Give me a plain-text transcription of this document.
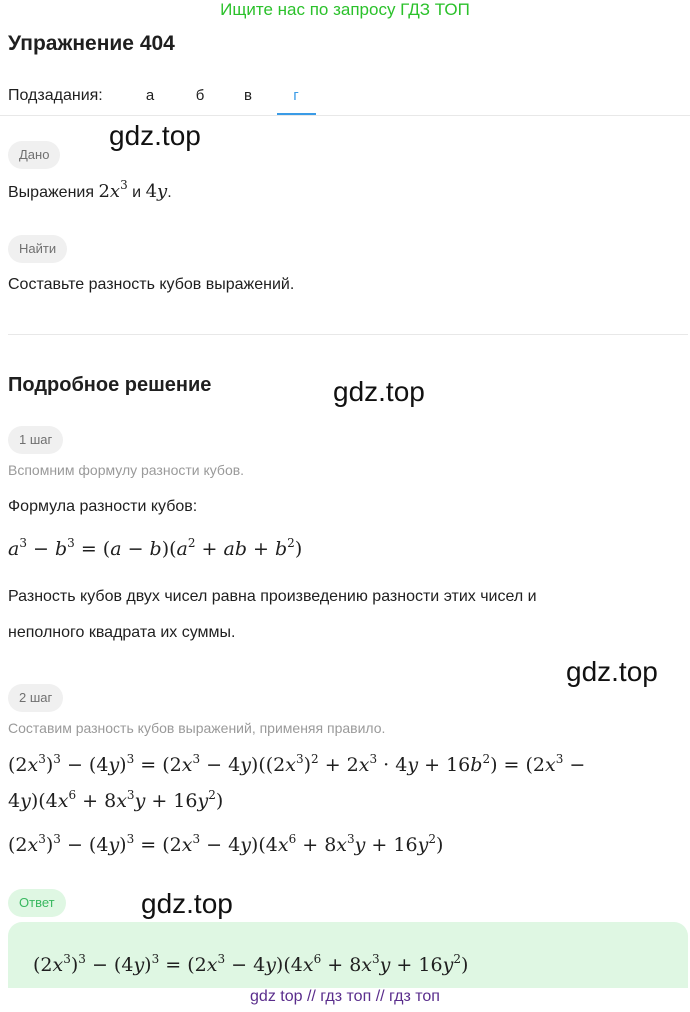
Ищите нас по запросу ГДЗ ТОП
Упражнение 404
Подзадания:	а	б	в	г
gdz.top
Дано
Выражения $2x^3$ и 4y.
Найти
Составьте разность кубов выражений.
Подробное решение	gdz.top
1 шаг
Вспомним формулу разности кубов.
Формула разности кубов:
$a^3 - b^3 = (a - b)(a^2$ + ab + $b^2$)
Разность кубов двух чисел равна произведению разности этих чисел и
неполного квадрата их суммы.
gdz.top
2 шаг
Составим разность кубов выражений, применяя правило.
$(2x^3)^3 - (4y)^3 = (2x^3 - 4y)((2x^3)^2 + 2x^3 \cdot 4y + 16b^2) = (2x^3$ −
$4y)(4x^6 + 8x^3y + 16y^2)$
$(2x^3)^3 - (4y)^3 = (2x^3 - 4y)(4x^6 + 8x^3y + 16y^2)$
Ответ	gdz.top
$(2x^3)^3 - (4y)^3 = (2x^3 - 4y)(4x^6 + 8x^3y + 16y^2)$
gdz top // гдз топ // гдз топ
